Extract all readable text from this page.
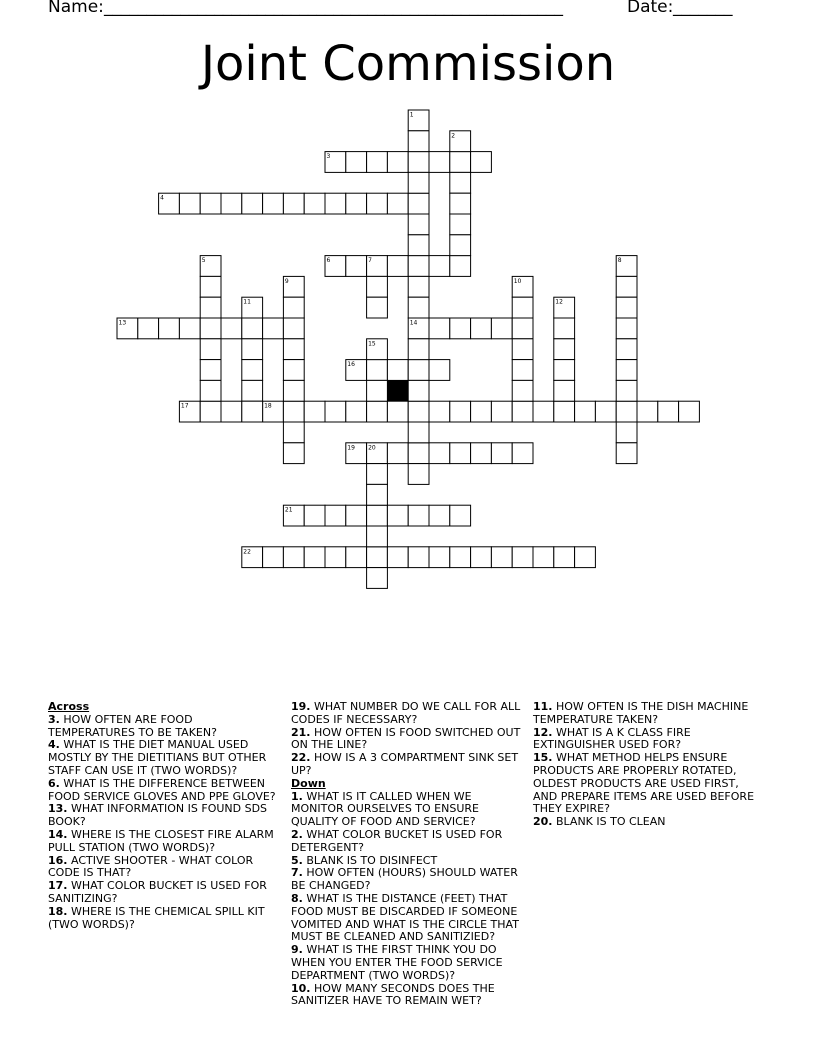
Name: ______________________________________________________	Date: _______
Joint Commission
1
2
3
4
5	6	7	8
9	10
11	12
13	14
15
16
17	18
19 20
21
22

Across

3. HOW OFTEN ARE FOOD TEMPERATURES TO BE TAKEN?

4. WHAT IS THE DIET MANUAL USED MOSTLY BY THE DIETITIANS BUT OTHER STAFF CAN USE IT (TWO WORDS)?

6. WHAT IS THE DIFFERENCE BETWEEN FOOD SERVICE GLOVES AND PPE GLOVE?

13. WHAT INFORMATION IS FOUND SDS BOOK?

14. WHERE IS THE CLOSEST FIRE ALARM PULL STATION (TWO WORDS)?

16. ACTIVE SHOOTER - WHAT COLOR CODE IS THAT?

17. WHAT COLOR BUCKET IS USED FOR SANITIZING?

18. WHERE IS THE CHEMICAL SPILL KIT (TWO WORDS)?

19. WHAT NUMBER DO WE CALL FOR ALL CODES IF NECESSARY?

21. HOW OFTEN IS FOOD SWITCHED OUT ON THE LINE?

22. HOW IS A 3 COMPARTMENT SINK SET UP?

Down

1. WHAT IS IT CALLED WHEN WE MONITOR OURSELVES TO ENSURE QUALITY OF FOOD AND SERVICE?

2. WHAT COLOR BUCKET IS USED FOR DETERGENT?

5. BLANK IS TO DISINFECT

7. HOW OFTEN (HOURS) SHOULD WATER BE CHANGED?

8. WHAT IS THE DISTANCE (FEET) THAT FOOD MUST BE DISCARDED IF SOMEONE VOMITED AND WHAT IS THE CIRCLE THAT MUST BE CLEANED AND SANITIZIED?

9. WHAT IS THE FIRST THINK YOU DO WHEN YOU ENTER THE FOOD SERVICE DEPARTMENT (TWO WORDS)?

10. HOW MANY SECONDS DOES THE SANITIZER HAVE TO REMAIN WET?

11. HOW OFTEN IS THE DISH MACHINE TEMPERATURE TAKEN?

12. WHAT IS A K CLASS FIRE EXTINGUISHER USED FOR?

15. WHAT METHOD HELPS ENSURE PRODUCTS ARE PROPERLY ROTATED, OLDEST PRODUCTS ARE USED FIRST, AND PREPARE ITEMS ARE USED BEFORE THEY EXPIRE?

20. BLANK IS TO CLEAN
